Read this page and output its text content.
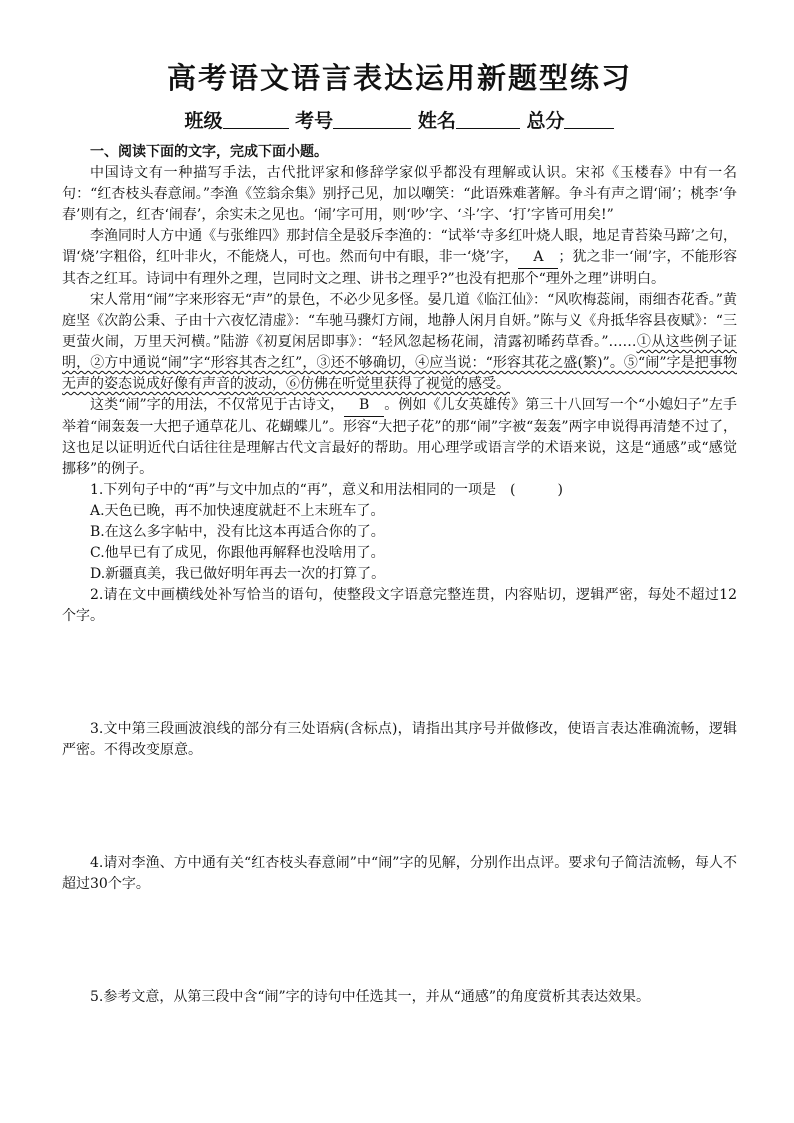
高考语文语言表达运用新题型练习
班级	考号	姓名	总分

一、阅读下面的文字，完成下面小题。

中国诗文有一种描写手法，古代批评家和修辞学家似乎都没有理解或认识。宋祁《玉楼春》中有一名句：“红杏枝头春意闹。”李渔《笠翁余集》别抒己见，加以嘲笑：“此语殊难著解。争斗有声之谓‘闹’；桃李‘争春’则有之，红杏‘闹春’，余实未之见也。‘闹’字可用，则‘吵’字、‘斗’字、‘打’字皆可用矣!”

李渔同时人方中通《与张维四》那封信全是驳斥李渔的：“试举‘寺多红叶烧人眼，地足青苔染马蹄’之句，谓‘烧’字粗俗，红叶非火，不能烧人，可也。然而句中有眼，非一‘烧’字， A ；犹之非一‘闹’字，不能形容其杏之红耳。诗词中有理外之理，岂同时文之理、讲书之理乎?”也没有把那个“理外之理”讲明白。

宋人常用“闹”字来形容无“声”的景色，不必少见多怪。晏几道《临江仙》：“风吹梅蕊闹，雨细杏花香。”黄庭坚《次韵公秉、子由十六夜忆清虚》：“车驰马骤灯方闹，地静人闲月自妍。”陈与义《舟抵华容县夜赋》：“三更萤火闹，万里天河横。”陆游《初夏闲居即事》：“轻风忽起杨花闹，清露初晞药草香。”……①从这些例子证明，②方中通说“闹”字“形容其杏之红”，③还不够确切，④应当说：“形容其花之盛(繁)”。⑤“闹”字是把事物无声的姿态说成好像有声音的波动，⑥仿佛在听觉里获得了视觉的感受。

这类“闹”字的用法，不仅常见于古诗文， B 。例如《儿女英雄传》第三十八回写一个“小媳妇子”左手举着“闹轰轰一大把子通草花儿、花蝴蝶儿”。形容“大把子花”的那“闹”字被“轰轰”两字申说得再清楚不过了，这也足以证明近代白话往往是理解古代文言最好的帮助。用心理学或语言学的术语来说，这是“通感”或“感觉挪移”的例子。

1.下列句子中的“再”与文中加点的“再”，意义和用法相同的一项是　(　　　)

A.天色已晚，再不加快速度就赶不上末班车了。

B.在这么多字帖中，没有比这本再适合你的了。

C.他早已有了成见，你跟他再解释也没啥用了。

D.新疆真美，我已做好明年再去一次的打算了。

2.请在文中画横线处补写恰当的语句，使整段文字语意完整连贯，内容贴切，逻辑严密，每处不超过12个字。

3.文中第三段画波浪线的部分有三处语病(含标点)，请指出其序号并做修改，使语言表达准确流畅，逻辑严密。不得改变原意。

4.请对李渔、方中通有关“红杏枝头春意闹”中“闹”字的见解，分别作出点评。要求句子简洁流畅，每人不超过30个字。

5.参考文意，从第三段中含“闹”字的诗句中任选其一，并从“通感”的角度赏析其表达效果。
